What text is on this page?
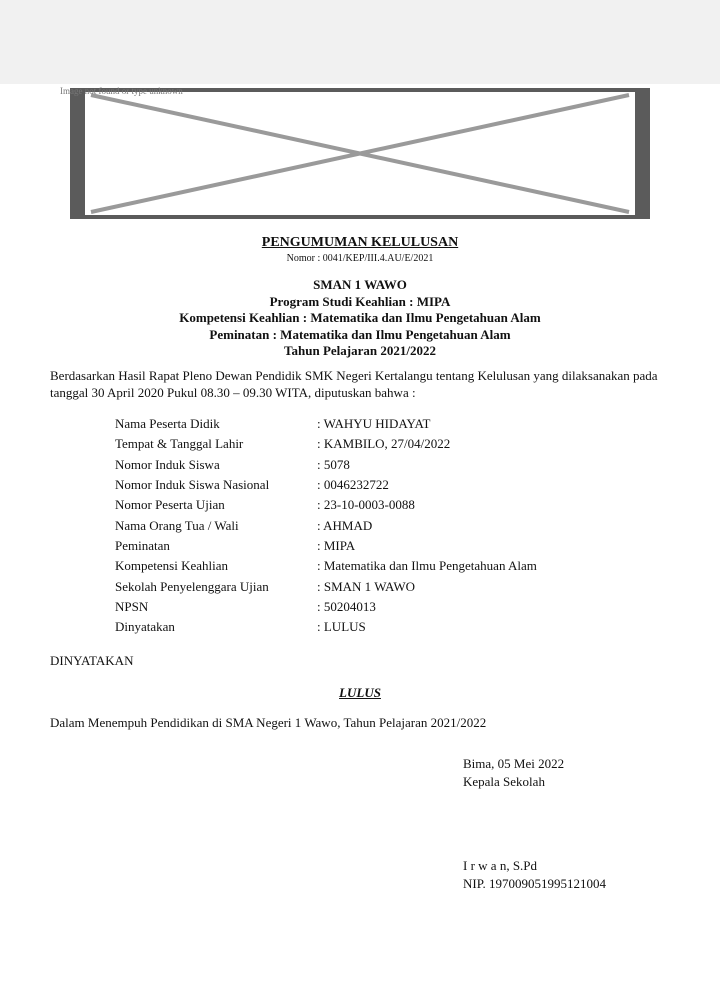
Image not found or type unknown
PENGUMUMAN KELULUSAN
Nomor : 0041/KEP/III.4.AU/E/2021
SMAN 1 WAWO
Program Studi Keahlian : MIPA
Kompetensi Keahlian : Matematika dan Ilmu Pengetahuan Alam
Peminatan : Matematika dan Ilmu Pengetahuan Alam
Tahun Pelajaran 2021/2022
Berdasarkan Hasil Rapat Pleno Dewan Pendidik SMK Negeri Kertalangu tentang Kelulusan yang dilaksanakan pada tanggal 30 April 2020 Pukul 08.30 – 09.30 WITA, diputuskan bahwa :
Nama Peserta Didik	: WAHYU HIDAYAT
Tempat & Tanggal Lahir	: KAMBILO, 27/04/2022
Nomor Induk Siswa	: 5078
Nomor Induk Siswa Nasional	: 0046232722
Nomor Peserta Ujian	: 23-10-0003-0088
Nama Orang Tua / Wali	: AHMAD
Peminatan	: MIPA
Kompetensi Keahlian	: Matematika dan Ilmu Pengetahuan Alam
Sekolah Penyelenggara Ujian	: SMAN 1 WAWO
NPSN	: 50204013
Dinyatakan	: LULUS
DINYATAKAN
LULUS
Dalam Menempuh Pendidikan di SMA Negeri 1 Wawo, Tahun Pelajaran 2021/2022
Bima, 05 Mei 2022
Kepala Sekolah
I r w a n, S.Pd
NIP. 197009051995121004
